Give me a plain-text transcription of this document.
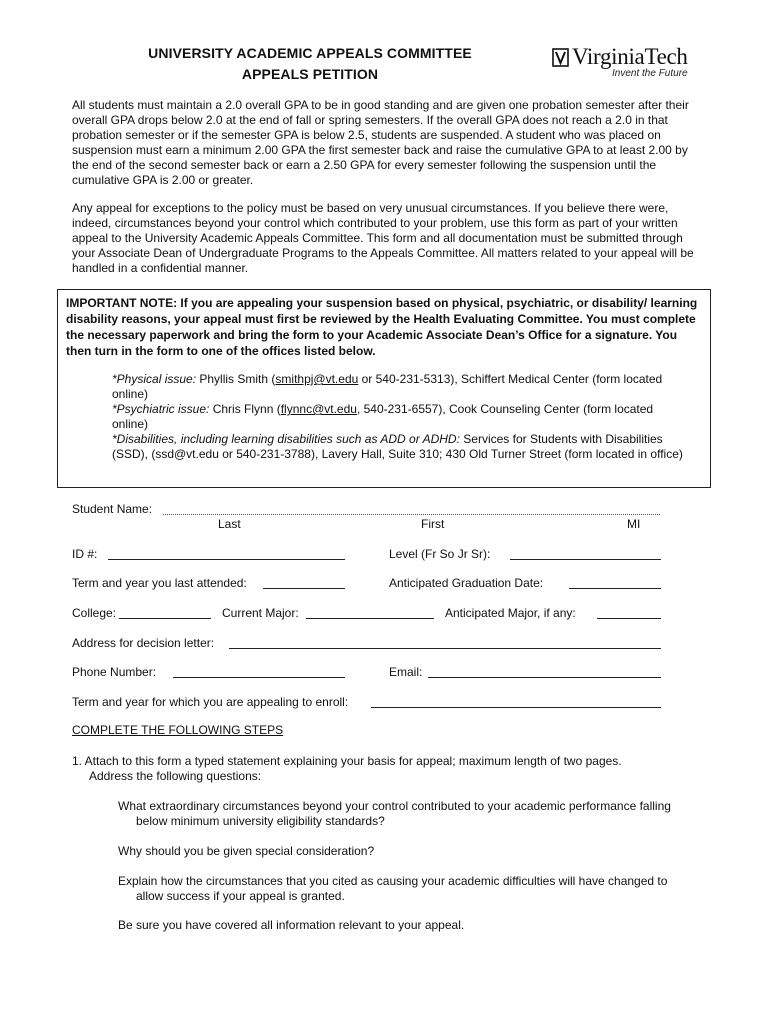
UNIVERSITY ACADEMIC APPEALS COMMITTEE
APPEALS PETITION
VirginiaTech
Invent the Future

All students must maintain a 2.0 overall GPA to be in good standing and are given one probation semester after their overall GPA drops below 2.0 at the end of fall or spring semesters. If the overall GPA does not reach a 2.0 in that probation semester or if the semester GPA is below 2.5, students are suspended. A student who was placed on suspension must earn a minimum 2.00 GPA the first semester back and raise the cumulative GPA to at least 2.00 by the end of the second semester back or earn a 2.50 GPA for every semester following the suspension until the cumulative GPA is 2.00 or greater.

Any appeal for exceptions to the policy must be based on very unusual circumstances. If you believe there were, indeed, circumstances beyond your control which contributed to your problem, use this form as part of your written appeal to the University Academic Appeals Committee. This form and all documentation must be submitted through your Associate Dean of Undergraduate Programs to the Appeals Committee. All matters related to your appeal will be handled in a confidential manner.

IMPORTANT NOTE: If you are appealing your suspension based on physical, psychiatric, or disability/ learning disability reasons, your appeal must first be reviewed by the Health Evaluating Committee. You must complete the necessary paperwork and bring the form to your Academic Associate Dean’s Office for a signature. You then turn in the form to one of the offices listed below.

*Physical issue: Phyllis Smith (smithpj@vt.edu or 540-231-5313), Schiffert Medical Center (form located online)
*Psychiatric issue: Chris Flynn (flynnc@vt.edu, 540-231-6557), Cook Counseling Center (form located online)
*Disabilities, including learning disabilities such as ADD or ADHD: Services for Students with Disabilities (SSD), (ssd@vt.edu or 540-231-3788), Lavery Hall, Suite 310; 430 Old Turner Street (form located in office)
Student Name:
Last	First	MI
ID #:	Level (Fr So Jr Sr):
Term and year you last attended:	Anticipated Graduation Date:
College:	Current Major:	Anticipated Major, if any:
Address for decision letter:
Phone Number:	Email:
Term and year for which you are appealing to enroll:
COMPLETE THE FOLLOWING STEPS

1. Attach to this form a typed statement explaining your basis for appeal; maximum length of two pages.
Address the following questions:

What extraordinary circumstances beyond your control contributed to your academic performance falling
below minimum university eligibility standards?

Why should you be given special consideration?

Explain how the circumstances that you cited as causing your academic difficulties will have changed to
allow success if your appeal is granted.

Be sure you have covered all information relevant to your appeal.
